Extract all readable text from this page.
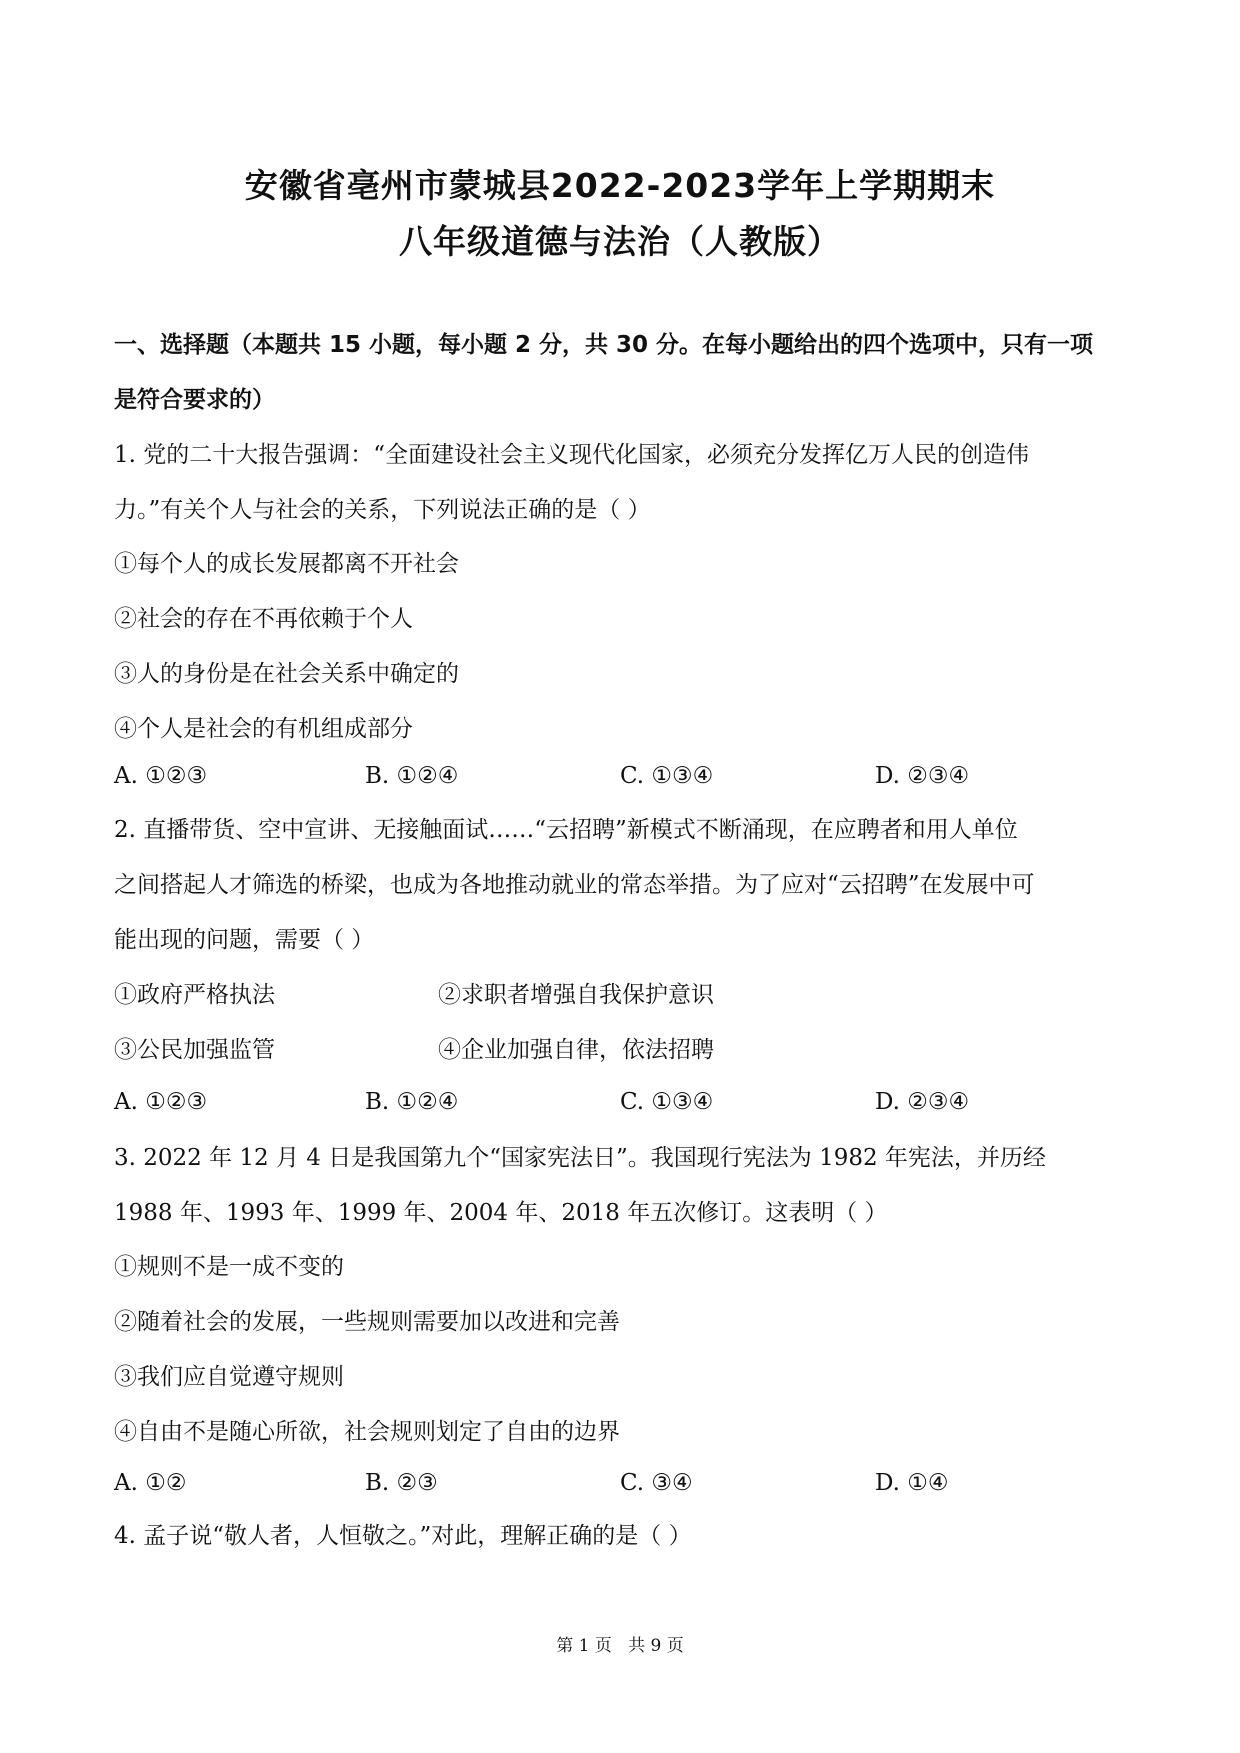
安徽省亳州市蒙城县2022-2023学年上学期期末
八年级道德与法治（人教版）
一、选择题（本题共 15 小题，每小题 2 分，共 30 分。在每小题给出的四个选项中，只有一项
是符合要求的）
1. 党的二十大报告强调：“全面建设社会主义现代化国家，必须充分发挥亿万人民的创造伟
力。”有关个人与社会的关系，下列说法正确的是（ ）
①每个人的成长发展都离不开社会
②社会的存在不再依赖于个人
③人的身份是在社会关系中确定的
④个人是社会的有机组成部分
A. ①②③	B. ①②④	C. ①③④	D. ②③④
2. 直播带货、空中宣讲、无接触面试……“云招聘”新模式不断涌现，在应聘者和用人单位
之间搭起人才筛选的桥梁，也成为各地推动就业的常态举措。为了应对“云招聘”在发展中可
能出现的问题，需要（ ）
①政府严格执法	②求职者增强自我保护意识
③公民加强监管	④企业加强自律，依法招聘
A. ①②③	B. ①②④	C. ①③④	D. ②③④
3. 2022 年 12 月 4 日是我国第九个“国家宪法日”。我国现行宪法为 1982 年宪法，并历经
1988 年、1993 年、1999 年、2004 年、2018 年五次修订。这表明（ ）
①规则不是一成不变的
②随着社会的发展，一些规则需要加以改进和完善
③我们应自觉遵守规则
④自由不是随心所欲，社会规则划定了自由的边界
A. ①②	B. ②③	C. ③④	D. ①④
4. 孟子说“敬人者，人恒敬之。”对此，理解正确的是（ ）
第 1 页   共 9 页
